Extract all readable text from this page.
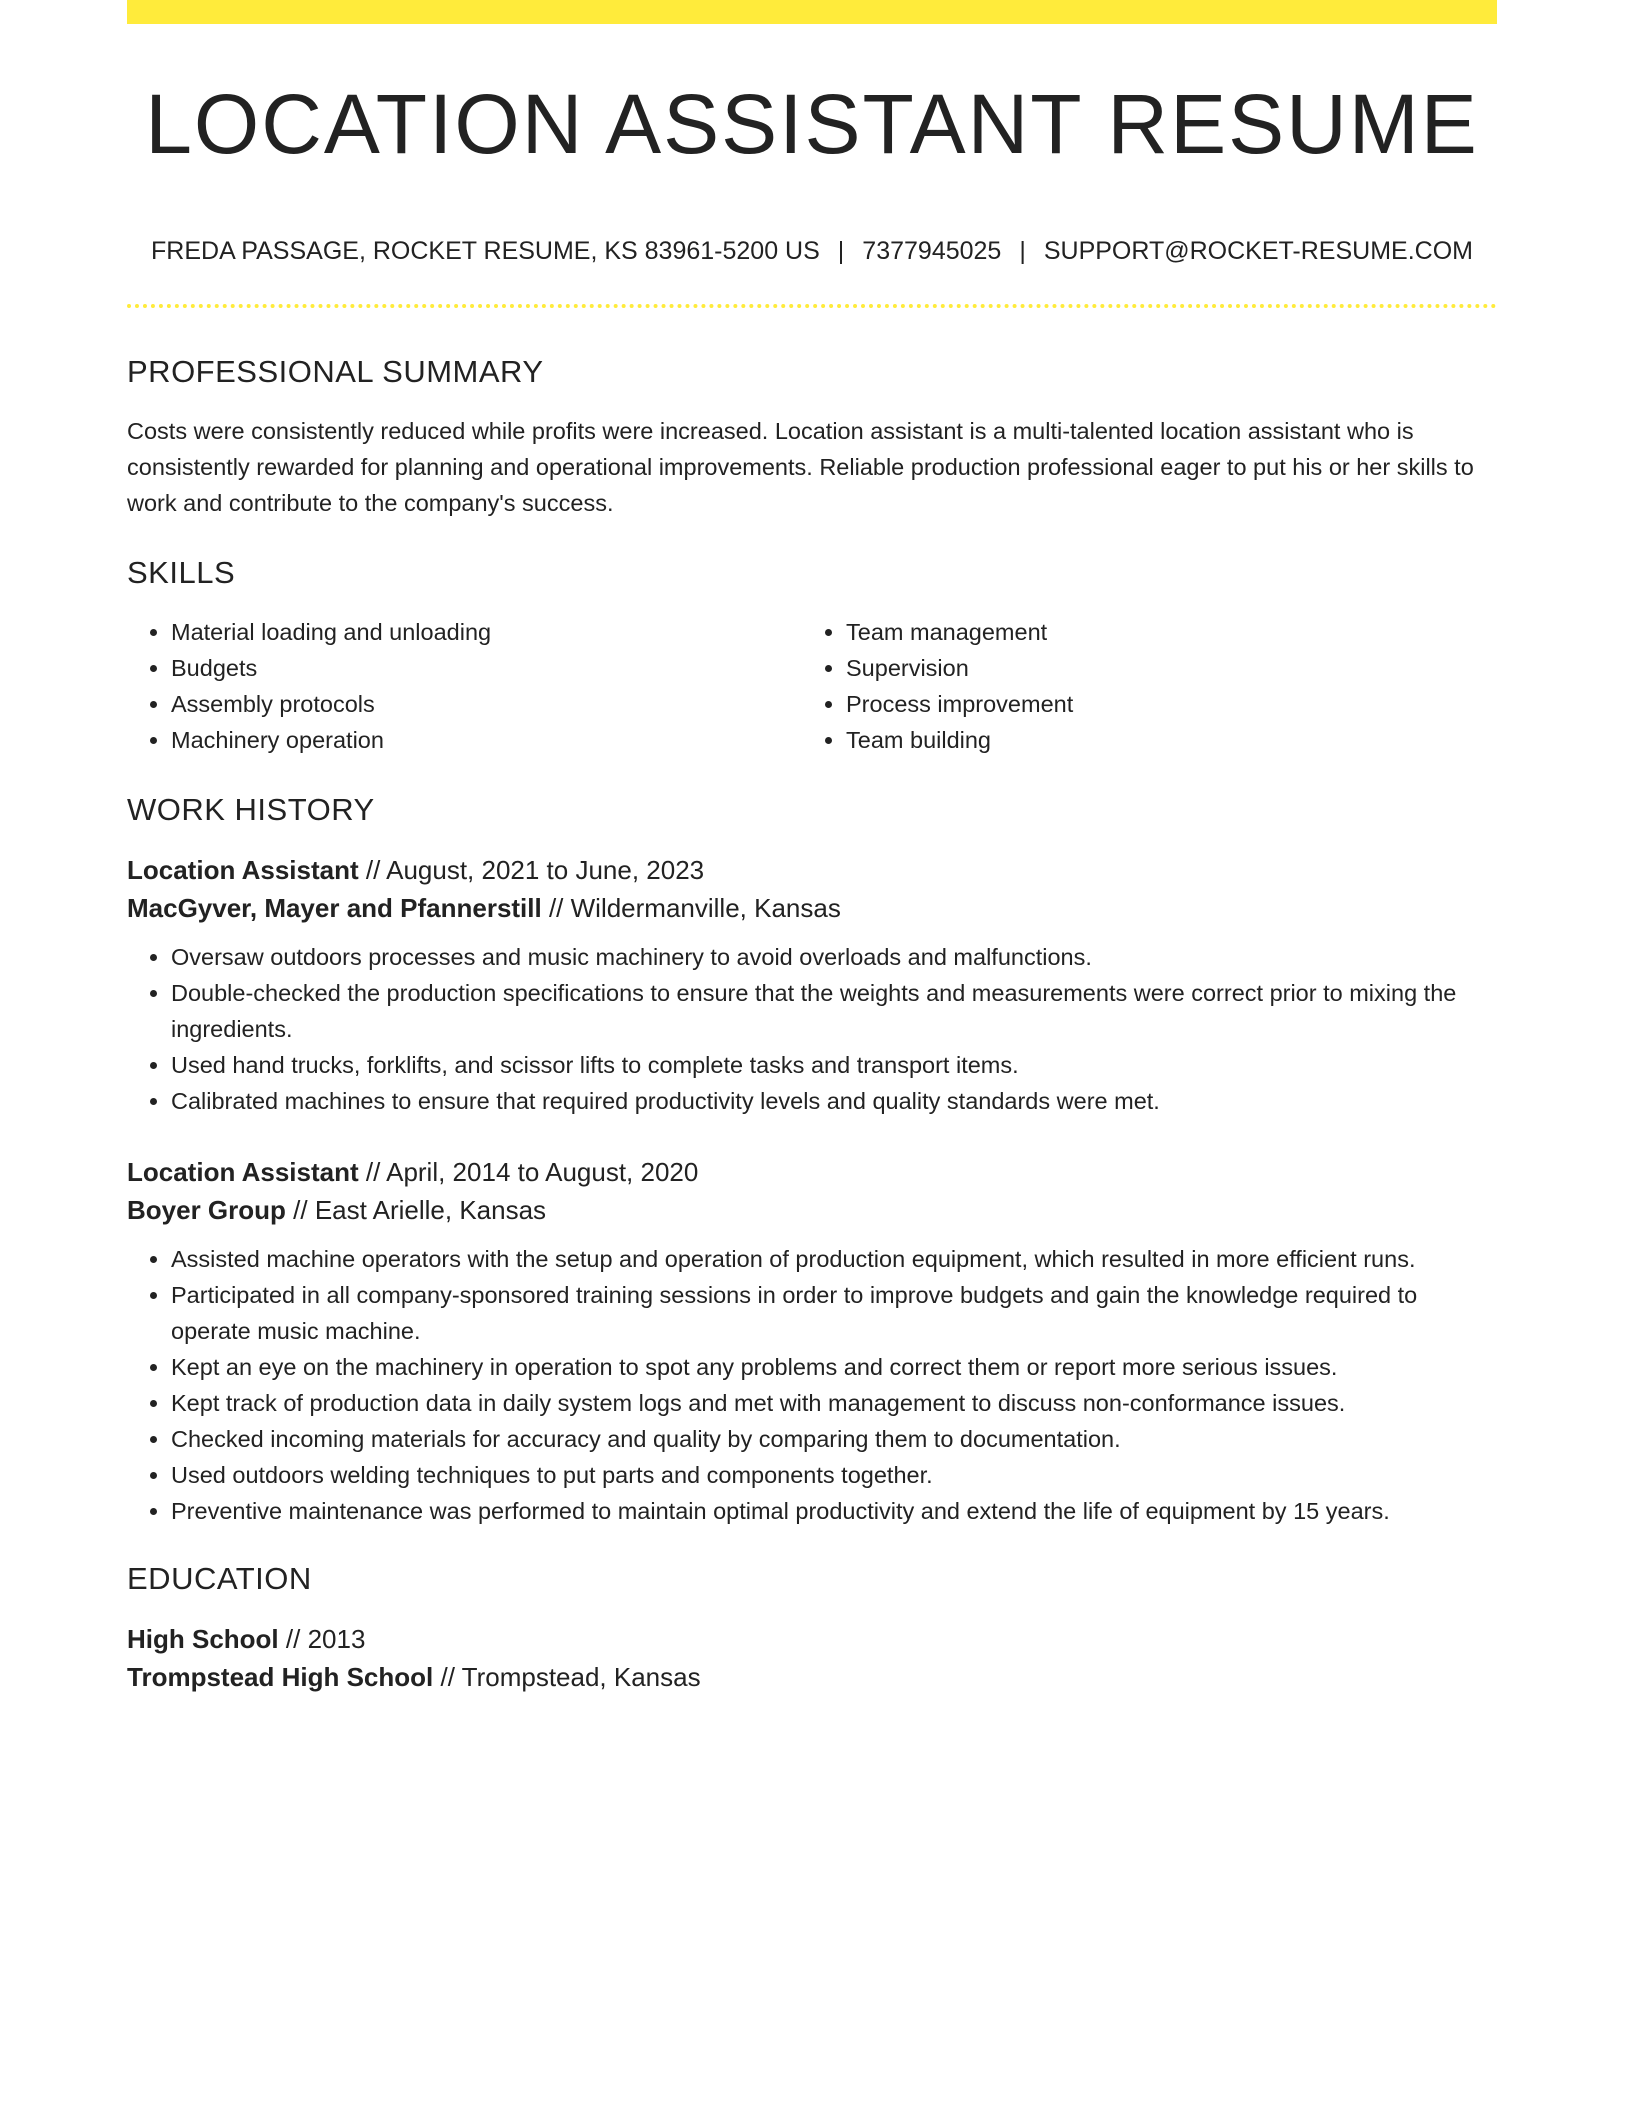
LOCATION ASSISTANT RESUME
FREDA PASSAGE, ROCKET RESUME, KS 83961-5200 US | 7377945025 | SUPPORT@ROCKET-RESUME.COM
PROFESSIONAL SUMMARY
Costs were consistently reduced while profits were increased. Location assistant is a multi-talented location assistant who is consistently rewarded for planning and operational improvements. Reliable production professional eager to put his or her skills to work and contribute to the company's success.
SKILLS
• Material loading and unloading
• Budgets
• Assembly protocols
• Machinery operation
• Team management
• Supervision
• Process improvement
• Team building
WORK HISTORY
Location Assistant // August, 2021 to June, 2023
MacGyver, Mayer and Pfannerstill // Wildermanville, Kansas
• Oversaw outdoors processes and music machinery to avoid overloads and malfunctions.
• Double-checked the production specifications to ensure that the weights and measurements were correct prior to mixing the ingredients.
• Used hand trucks, forklifts, and scissor lifts to complete tasks and transport items.
• Calibrated machines to ensure that required productivity levels and quality standards were met.
Location Assistant // April, 2014 to August, 2020
Boyer Group // East Arielle, Kansas
• Assisted machine operators with the setup and operation of production equipment, which resulted in more efficient runs.
• Participated in all company-sponsored training sessions in order to improve budgets and gain the knowledge required to operate music machine.
• Kept an eye on the machinery in operation to spot any problems and correct them or report more serious issues.
• Kept track of production data in daily system logs and met with management to discuss non-conformance issues.
• Checked incoming materials for accuracy and quality by comparing them to documentation.
• Used outdoors welding techniques to put parts and components together.
• Preventive maintenance was performed to maintain optimal productivity and extend the life of equipment by 15 years.
EDUCATION
High School // 2013
Trompstead High School // Trompstead, Kansas
